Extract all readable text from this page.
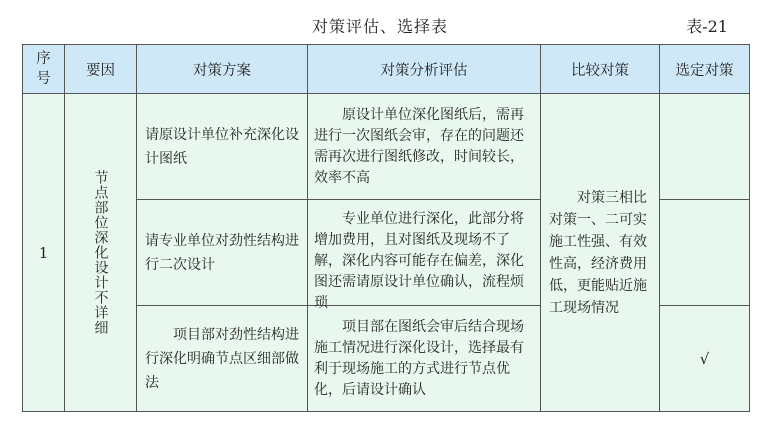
对策评估、选择表	表-21
序号	要因	对策方案	对策分析评估	比较对策	选定对策
1	节点部位深化设计不详细	请原设计单位补充深化设计图纸	原设计单位深化图纸后，需再进行一次图纸会审，存在的问题还需再次进行图纸修改，时间较长，效率不高	对策三相比对策一、二可实施工性强、有效性高，经济费用低，更能贴近施工现场情况	

		请专业单位对劲性结构进行二次设计	专业单位进行深化，此部分将增加费用，且对图纸及现场不了解，深化内容可能存在偏差，深化图还需请原设计单位确认，流程烦琐		

		项目部对劲性结构进行深化明确节点区细部做法	项目部在图纸会审后结合现场施工情况进行深化设计，选择最有利于现场施工的方式进行节点优化，后请设计确认		√
